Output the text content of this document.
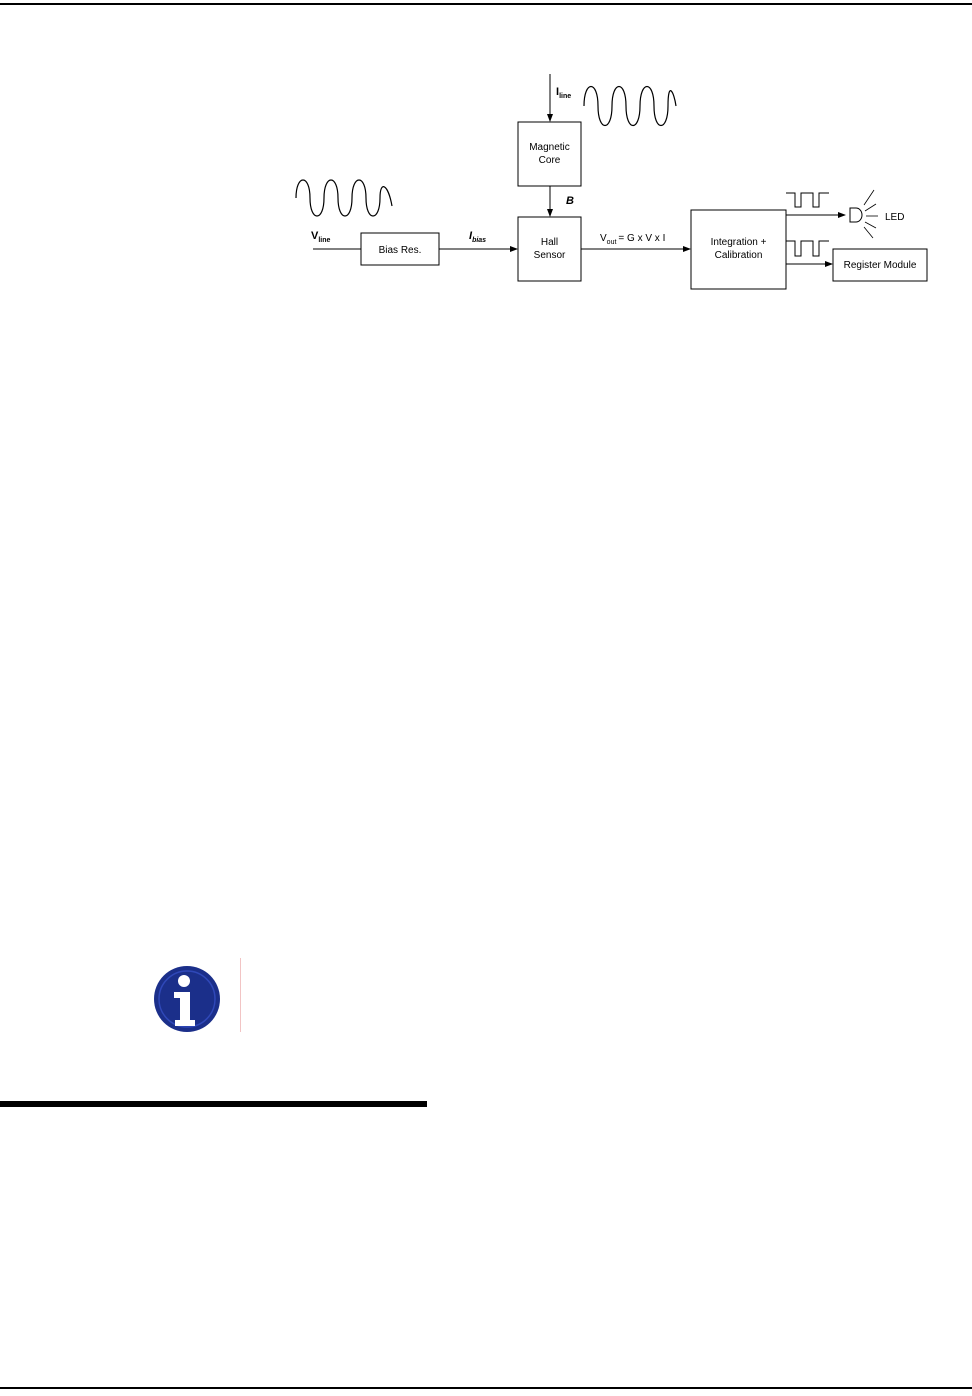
$I_{line}$
Magnetic
Core
B
Hall
Sensor
$V_{line}$
Bias Res.
$I_{bias}$	$V_{out} = G$ x V x I	Integration +
Calibration
LED
Register Module
